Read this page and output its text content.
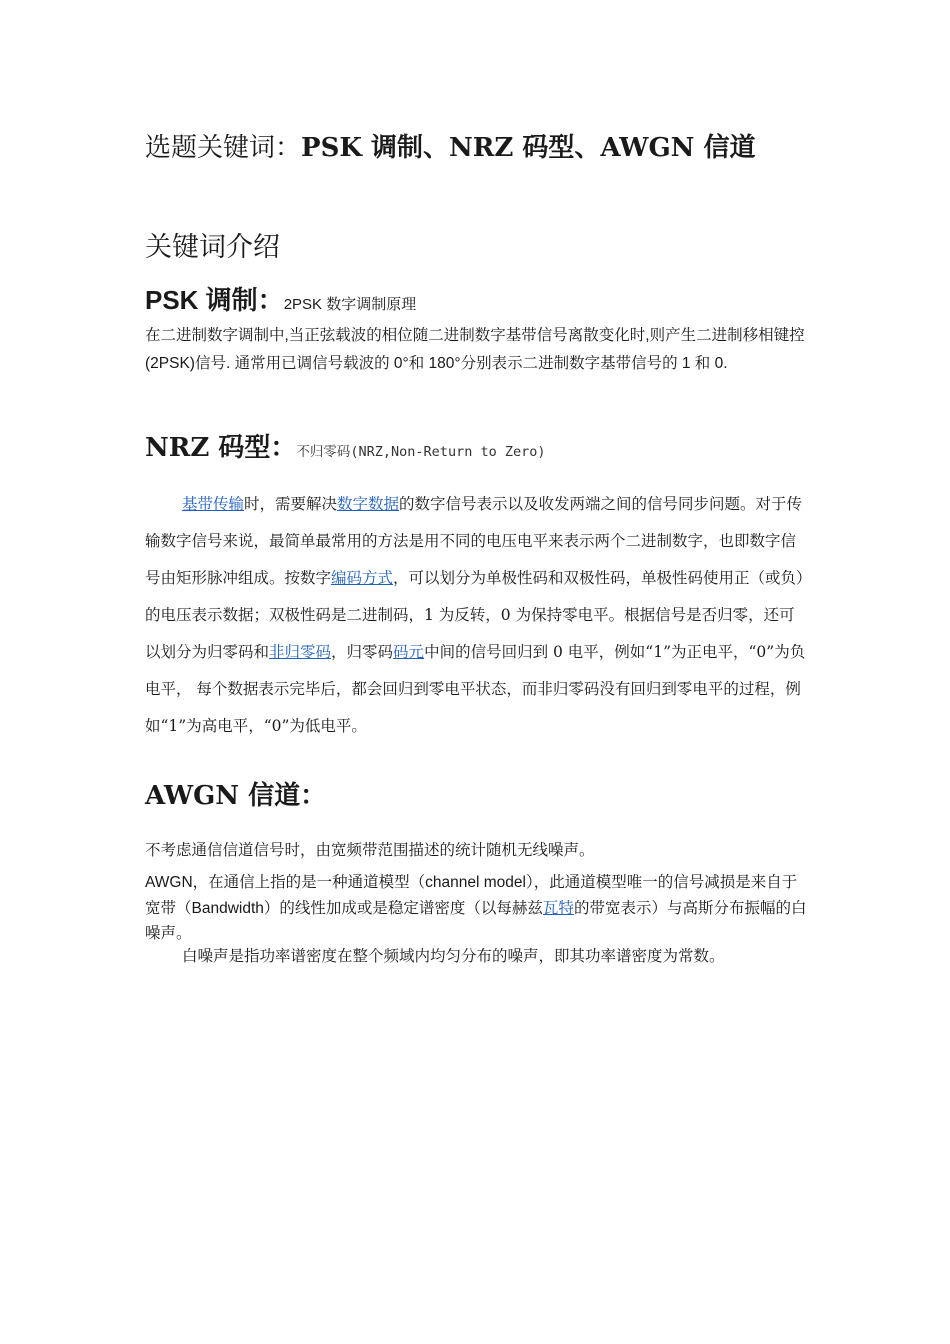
选题关键词：PSK 调制、NRZ 码型、AWGN 信道
关键词介绍
PSK 调制：2PSK 数字调制原理
在二进制数字调制中,当正弦载波的相位随二进制数字基带信号离散变化时,则产生二进制移相键控(2PSK)信号. 通常用已调信号载波的 0°和 180°分别表示二进制数字基带信号的 1 和 0.
NRZ 码型：不归零码(NRZ,Non-Return to Zero)
基带传输时，需要解决数字数据的数字信号表示以及收发两端之间的信号同步问题。对于传输数字信号来说，最简单最常用的方法是用不同的电压电平来表示两个二进制数字，也即数字信号由矩形脉冲组成。按数字编码方式，可以划分为单极性码和双极性码，单极性码使用正（或负）的电压表示数据；双极性码是二进制码，1 为反转，0 为保持零电平。根据信号是否归零，还可以划分为归零码和非归零码，归零码码元中间的信号回归到 0 电平，例如“1”为正电平，“0”为负电平， 每个数据表示完毕后，都会回归到零电平状态，而非归零码没有回归到零电平的过程，例如“1”为高电平，“0”为低电平。
AWGN 信道：
不考虑通信信道信号时，由宽频带范围描述的统计随机无线噪声。
AWGN，在通信上指的是一种通道模型（channel model），此通道模型唯一的信号减损是来自于宽带（Bandwidth）的线性加成或是稳定谱密度（以每赫兹瓦特的带宽表示）与高斯分布振幅的白噪声。
白噪声是指功率谱密度在整个频域内均匀分布的噪声，即其功率谱密度为常数。
